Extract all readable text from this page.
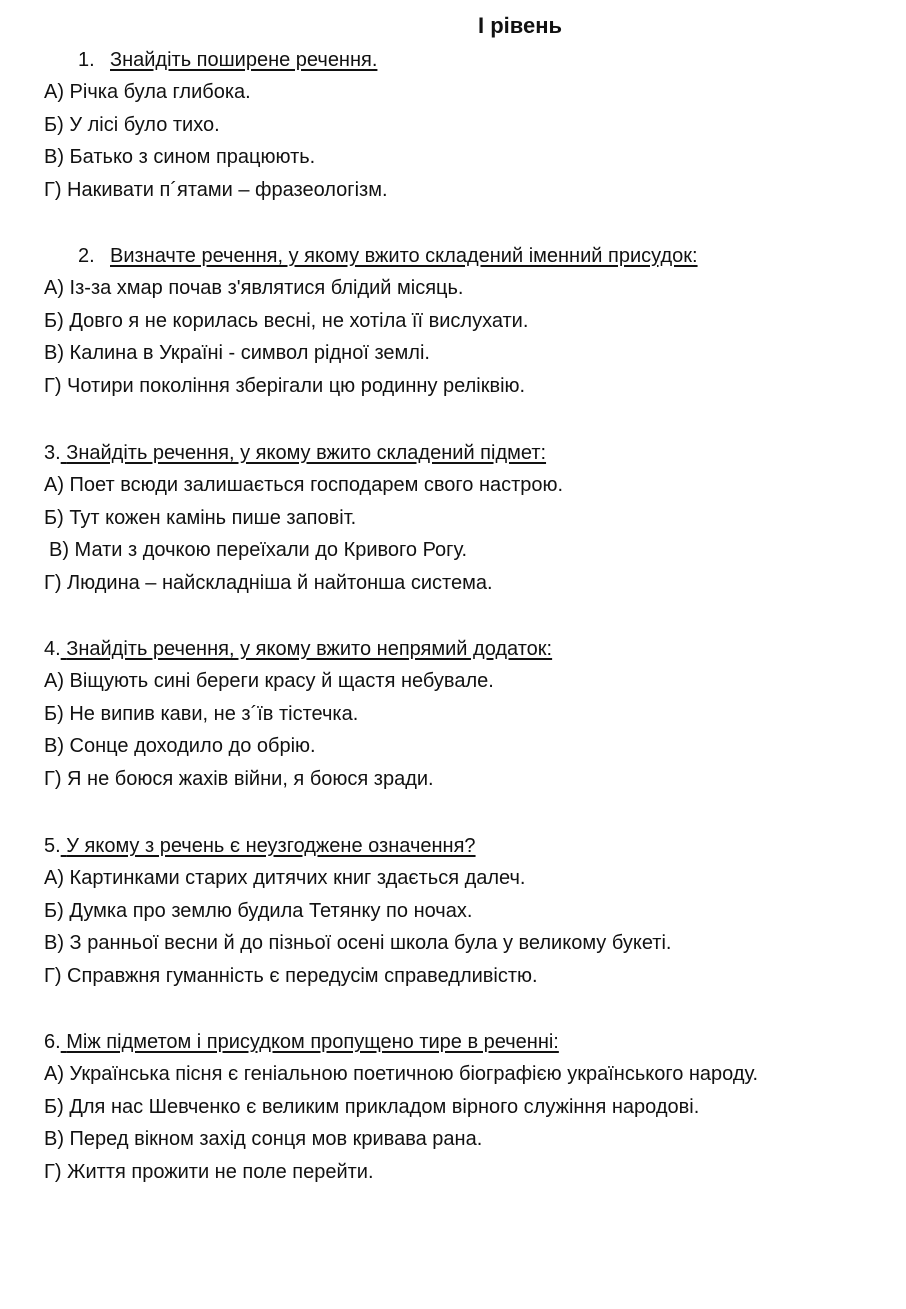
І рівень
1. Знайдіть поширене речення.
А) Річка була глибока.
Б) У лісі було тихо.
В) Батько з сином працюють.
Г) Накивати п´ятами – фразеологізм.
2. Визначте речення, у якому вжито складений іменний присудок:
А) Із-за хмар почав з'являтися блідий місяць.
Б) Довго я не корилась весні, не хотіла її вислухати.
В) Калина в Україні - символ рідної землі.
Г) Чотири покоління зберігали цю родинну реліквію.
3. Знайдіть речення, у якому вжито складений підмет:
А) Поет всюди залишається господарем свого настрою.
Б) Тут кожен камінь пише заповіт.
В) Мати з дочкою переїхали до Кривого Рогу.
Г) Людина – найскладніша й найтонша система.
4. Знайдіть речення, у якому вжито непрямий додаток:
А) Віщують сині береги красу й щастя небувале.
Б) Не випив кави, не з´їв тістечка.
В) Сонце доходило до обрію.
Г) Я не боюся жахів війни, я боюся зради.
5. У якому з речень є неузгоджене означення?
А) Картинками старих дитячих книг здається далеч.
Б) Думка про землю будила Тетянку по ночах.
В) З ранньої весни й до пізньої осені школа була у великому букеті.
Г) Справжня гуманність є передусім справедливістю.
6. Між підметом і присудком пропущено тире в реченні:
А) Українська пісня є геніальною поетичною біографією українського народу.
Б) Для нас Шевченко є великим прикладом вірного служіння народові.
В) Перед вікном захід сонця мов кривава рана.
Г) Життя прожити не поле перейти.
